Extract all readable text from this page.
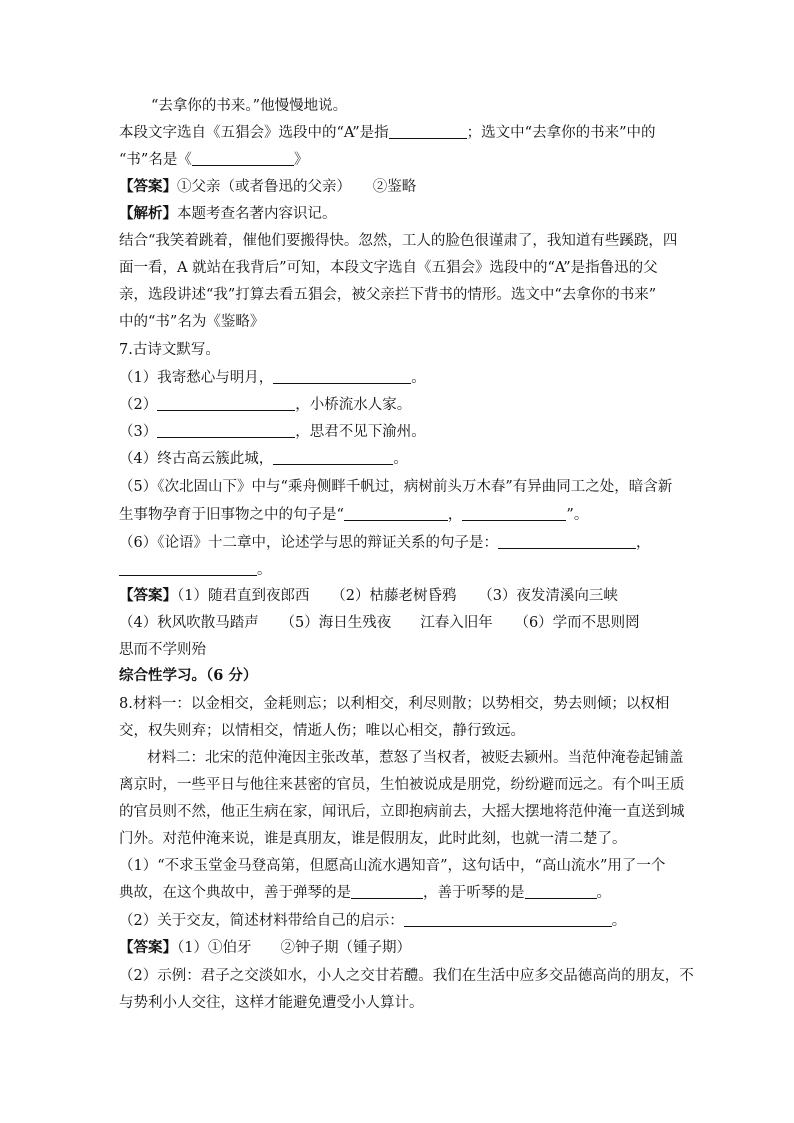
“去拿你的书来。”他慢慢地说。
本段文字选自《五猖会》选段中的“A”是指	；选文中“去拿你的书来”中的
“书”名是《	》
【答案】①父亲（或者鲁迅的父亲）　　②鉴略
【解析】本题考查名著内容识记。
结合“我笑着跳着，催他们要搬得快。忽然，工人的脸色很谨肃了，我知道有些蹊跷，四
面一看，A 就站在我背后”可知，本段文字选自《五猖会》选段中的“A”是指鲁迅的父
亲，选段讲述“我”打算去看五猖会，被父亲拦下背书的情形。选文中“去拿你的书来”
中的“书”名为《鉴略》
7.古诗文默写。
（1）我寄愁心与明月，	。
（2）	，小桥流水人家。
（3）	，思君不见下渝州。
（4）终古高云簇此城，	。
（5）《次北固山下》中与“乘舟侧畔千帆过，病树前头万木春”有异曲同工之处，暗含新
生事物孕育于旧事物之中的句子是“	，	”。
（6）《论语》十二章中，论述学与思的辩证关系的句子是：	，
。
【答案】（1）随君直到夜郎西　　（2）枯藤老树昏鸦　　（3）夜发清溪向三峡
（4）秋风吹散马踏声　　（5）海日生残夜　　江春入旧年　　（6）学而不思则罔
思而不学则殆
综合性学习。（6 分）
8.材料一：以金相交，金耗则忘；以利相交，利尽则散；以势相交，势去则倾；以权相
交，权失则弃；以情相交，情逝人伤；唯以心相交，静行致远。
材料二：北宋的范仲淹因主张改革，惹怒了当权者，被贬去颍州。当范仲淹卷起铺盖
离京时，一些平日与他往来甚密的官员，生怕被说成是朋党，纷纷避而远之。有个叫王质
的官员则不然，他正生病在家，闻讯后，立即抱病前去，大摇大摆地将范仲淹一直送到城
门外。对范仲淹来说，谁是真朋友，谁是假朋友，此时此刻，也就一清二楚了。
（1）“不求玉堂金马登高第，但愿高山流水遇知音”，这句话中，“高山流水”用了一个
典故，在这个典故中，善于弹琴的是	，善于听琴的是	。
（2）关于交友，简述材料带给自己的启示：	。
【答案】（1）①伯牙　　②钟子期（锺子期）
（2）示例：君子之交淡如水，小人之交甘若醴。我们在生活中应多交品德高尚的朋友，不
与势利小人交往，这样才能避免遭受小人算计。
